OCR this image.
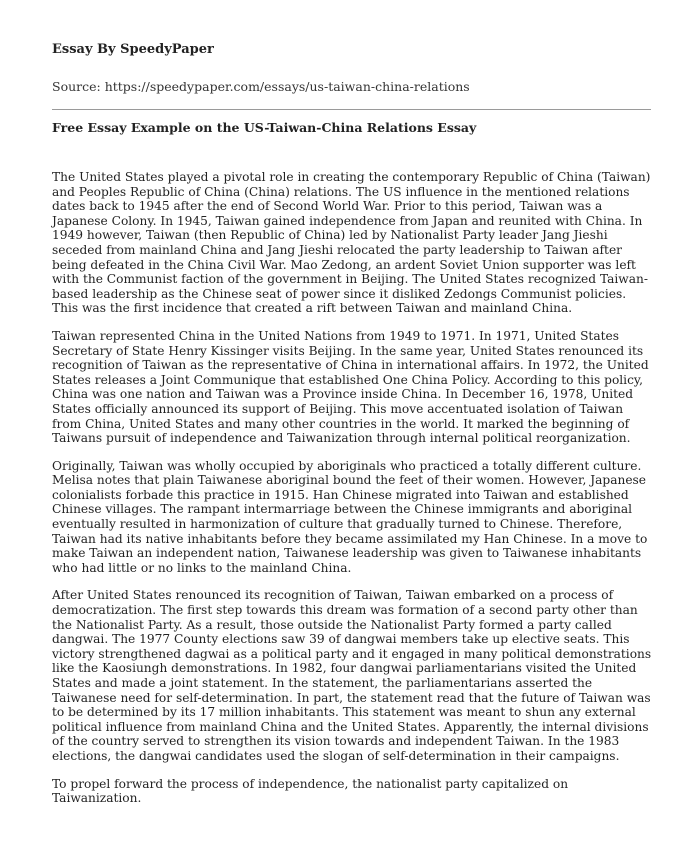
Essay By SpeedyPaper
Source: https://speedypaper.com/essays/us-taiwan-china-relations
Free Essay Example on the US-Taiwan-China Relations Essay

The United States played a pivotal role in creating the contemporary Republic of China (Taiwan) and Peoples Republic of China (China) relations. The US influence in the mentioned relations dates back to 1945 after the end of Second World War. Prior to this period, Taiwan was a Japanese Colony. In 1945, Taiwan gained independence from Japan and reunited with China. In 1949 however, Taiwan (then Republic of China) led by Nationalist Party leader Jang Jieshi seceded from mainland China and Jang Jieshi relocated the party leadership to Taiwan after being defeated in the China Civil War. Mao Zedong, an ardent Soviet Union supporter was left with the Communist faction of the government in Beijing. The United States recognized Taiwan-based leadership as the Chinese seat of power since it disliked Zedongs Communist policies. This was the first incidence that created a rift between Taiwan and mainland China.

Taiwan represented China in the United Nations from 1949 to 1971. In 1971, United States Secretary of State Henry Kissinger visits Beijing. In the same year, United States renounced its recognition of Taiwan as the representative of China in international affairs. In 1972, the United States releases a Joint Communique that established One China Policy. According to this policy, China was one nation and Taiwan was a Province inside China. In December 16, 1978, United States officially announced its support of Beijing. This move accentuated isolation of Taiwan from China, United States and many other countries in the world. It marked the beginning of Taiwans pursuit of independence and Taiwanization through internal political reorganization.

Originally, Taiwan was wholly occupied by aboriginals who practiced a totally different culture. Melisa notes that plain Taiwanese aboriginal bound the feet of their women. However, Japanese colonialists forbade this practice in 1915. Han Chinese migrated into Taiwan and established Chinese villages. The rampant intermarriage between the Chinese immigrants and aboriginal eventually resulted in harmonization of culture that gradually turned to Chinese. Therefore, Taiwan had its native inhabitants before they became assimilated my Han Chinese. In a move to make Taiwan an independent nation, Taiwanese leadership was given to Taiwanese inhabitants who had little or no links to the mainland China.

After United States renounced its recognition of Taiwan, Taiwan embarked on a process of democratization. The first step towards this dream was formation of a second party other than the Nationalist Party. As a result, those outside the Nationalist Party formed a party called dangwai. The 1977 County elections saw 39 of dangwai members take up elective seats. This victory strengthened dagwai as a political party and it engaged in many political demonstrations like the Kaosiungh demonstrations. In 1982, four dangwai parliamentarians visited the United States and made a joint statement. In the statement, the parliamentarians asserted the Taiwanese need for self-determination. In part, the statement read that the future of Taiwan was to be determined by its 17 million inhabitants. This statement was meant to shun any external political influence from mainland China and the United States. Apparently, the internal divisions of the country served to strengthen its vision towards and independent Taiwan. In the 1983 elections, the dangwai candidates used the slogan of self-determination in their campaigns.

To propel forward the process of independence, the nationalist party capitalized on Taiwanization.
